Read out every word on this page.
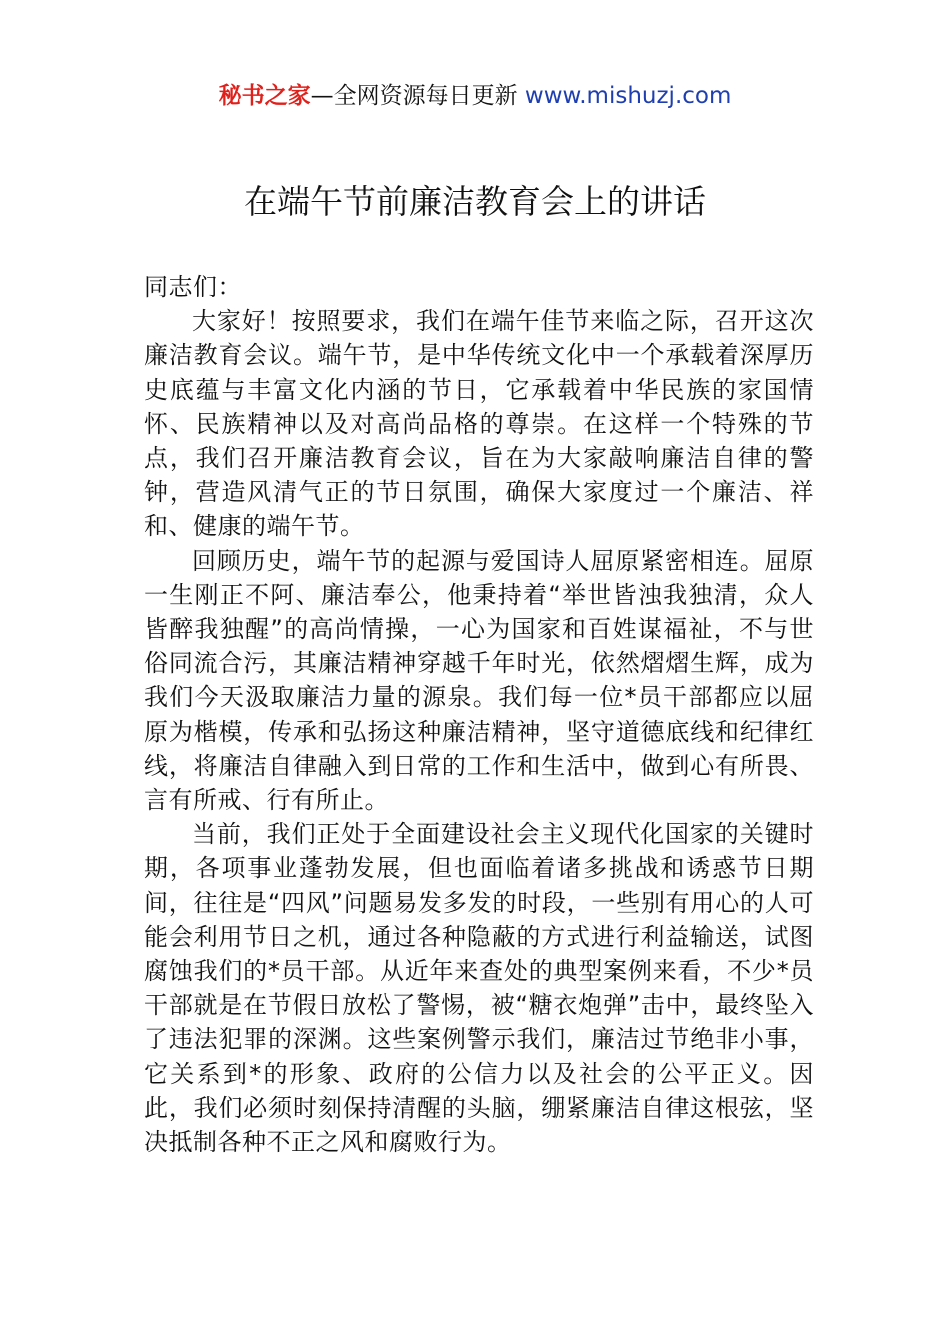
秘书之家—全网资源每日更新 www.mishuzj.com
在端午节前廉洁教育会上的讲话

同志们：

大家好！按照要求，我们在端午佳节来临之际，召开这次廉洁教育会议。端午节，是中华传统文化中一个承载着深厚历史底蕴与丰富文化内涵的节日，它承载着中华民族的家国情怀、民族精神以及对高尚品格的尊崇。在这样一个特殊的节点，我们召开廉洁教育会议，旨在为大家敲响廉洁自律的警钟，营造风清气正的节日氛围，确保大家度过一个廉洁、祥和、健康的端午节。

回顾历史，端午节的起源与爱国诗人屈原紧密相连。屈原一生刚正不阿、廉洁奉公，他秉持着“举世皆浊我独清，众人皆醉我独醒”的高尚情操，一心为国家和百姓谋福祉，不与世俗同流合污，其廉洁精神穿越千年时光，依然熠熠生辉，成为我们今天汲取廉洁力量的源泉。我们每一位*员干部都应以屈原为楷模，传承和弘扬这种廉洁精神，坚守道德底线和纪律红线，将廉洁自律融入到日常的工作和生活中，做到心有所畏、言有所戒、行有所止。

当前，我们正处于全面建设社会主义现代化国家的关键时期，各项事业蓬勃发展，但也面临着诸多挑战和诱惑节日期间，往往是“四风”问题易发多发的时段，一些别有用心的人可能会利用节日之机，通过各种隐蔽的方式进行利益输送，试图腐蚀我们的*员干部。从近年来查处的典型案例来看，不少*员干部就是在节假日放松了警惕，被“糖衣炮弹”击中，最终坠入了违法犯罪的深渊。这些案例警示我们，廉洁过节绝非小事，它关系到*的形象、政府的公信力以及社会的公平正义。因此，我们必须时刻保持清醒的头脑，绷紧廉洁自律这根弦，坚决抵制各种不正之风和腐败行为。
